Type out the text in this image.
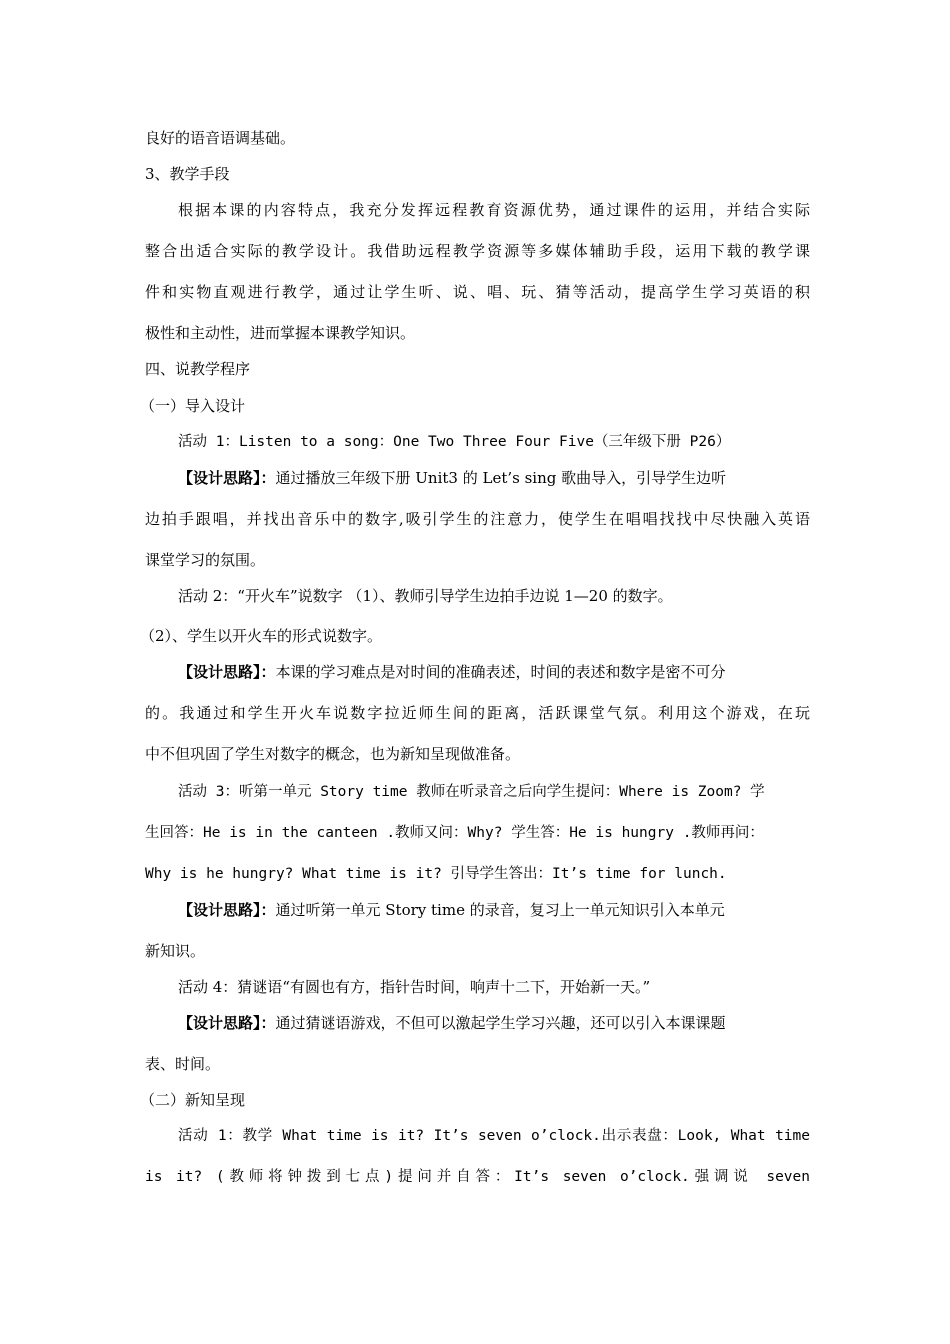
良好的语音语调基础。

3、教学手段

根据本课的内容特点，我充分发挥远程教育资源优势，通过课件的运用，并结合实际

整合出适合实际的教学设计。我借助远程教学资源等多媒体辅助手段，运用下载的教学课

件和实物直观进行教学，通过让学生听、说、唱、玩、猜等活动，提高学生学习英语的积

极性和主动性，进而掌握本课教学知识。

四、说教学程序

（一）导入设计

活动 1：Listen to a song：One Two Three Four Five（三年级下册 P26）

【设计思路】：通过播放三年级下册 Unit3 的 Let’s sing 歌曲导入，引导学生边听

边拍手跟唱，并找出音乐中的数字,吸引学生的注意力，使学生在唱唱找找中尽快融入英语

课堂学习的氛围。

活动 2：“开火车”说数字 （1）、教师引导学生边拍手边说 1—20 的数字。

（2）、学生以开火车的形式说数字。

【设计思路】：本课的学习难点是对时间的准确表述，时间的表述和数字是密不可分

的。我通过和学生开火车说数字拉近师生间的距离，活跃课堂气氛。利用这个游戏，在玩

中不但巩固了学生对数字的概念，也为新知呈现做准备。

活动 3：听第一单元 Story time 教师在听录音之后向学生提问：Where is Zoom? 学

生回答：He is in the canteen .教师又问：Why? 学生答：He is hungry .教师再问：

Why is he hungry? What time is it? 引导学生答出：It’s time for lunch.

【设计思路】：通过听第一单元 Story time 的录音，复习上一单元知识引入本单元

新知识。

活动 4：猜谜语“有圆也有方，指针告时间，响声十二下，开始新一天。”

【设计思路】：通过猜谜语游戏，不但可以激起学生学习兴趣，还可以引入本课课题

表、时间。

（二）新知呈现

活动 1：教学 What time is it? It’s seven o’clock.出示表盘：Look, What time

is it? (教师将钟拨到七点)提问并自答：It’s seven o’clock.强调说 seven
